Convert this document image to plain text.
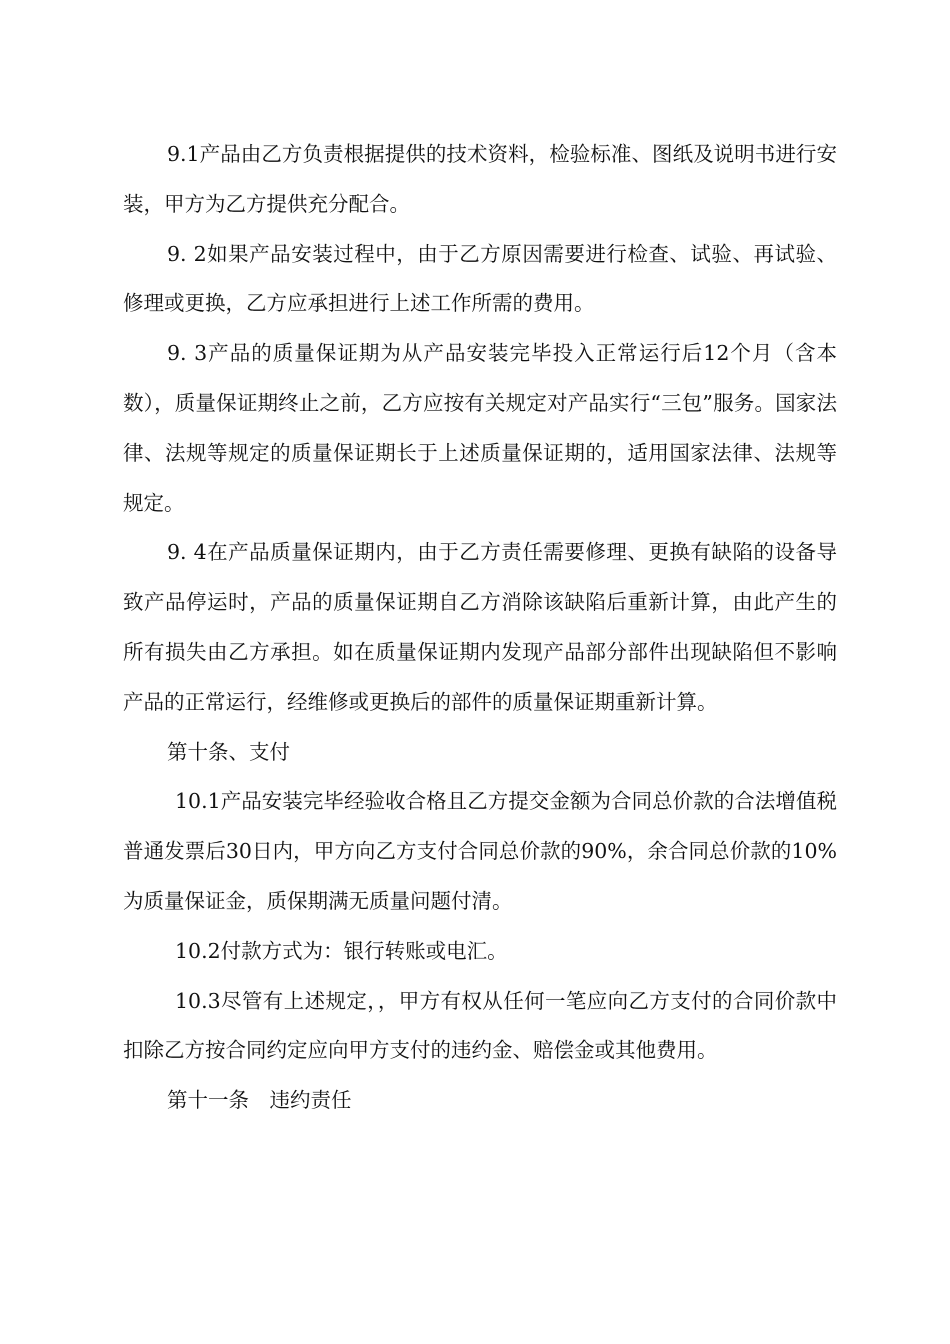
9.1产品由乙方负责根据提供的技术资料，检验标准、图纸及说明书进行安装，甲方为乙方提供充分配合。

9. 2如果产品安装过程中，由于乙方原因需要进行检查、试验、再试验、修理或更换，乙方应承担进行上述工作所需的费用。

9. 3产品的质量保证期为从产品安装完毕投入正常运行后12个月（含本数），质量保证期终止之前，乙方应按有关规定对产品实行“三包”服务。国家法律、法规等规定的质量保证期长于上述质量保证期的，适用国家法律、法规等规定。

9. 4在产品质量保证期内，由于乙方责任需要修理、更换有缺陷的设备导致产品停运时，产品的质量保证期自乙方消除该缺陷后重新计算，由此产生的所有损失由乙方承担。如在质量保证期内发现产品部分部件出现缺陷但不影响产品的正常运行，经维修或更换后的部件的质量保证期重新计算。

第十条、支付

10.1产品安装完毕经验收合格且乙方提交金额为合同总价款的合法增值税普通发票后30日内，甲方向乙方支付合同总价款的90%，余合同总价款的10%为质量保证金，质保期满无质量问题付清。

10.2付款方式为：银行转账或电汇。

10.3尽管有上述规定，，甲方有权从任何一笔应向乙方支付的合同价款中扣除乙方按合同约定应向甲方支付的违约金、赔偿金或其他费用。

第十一条　违约责任
